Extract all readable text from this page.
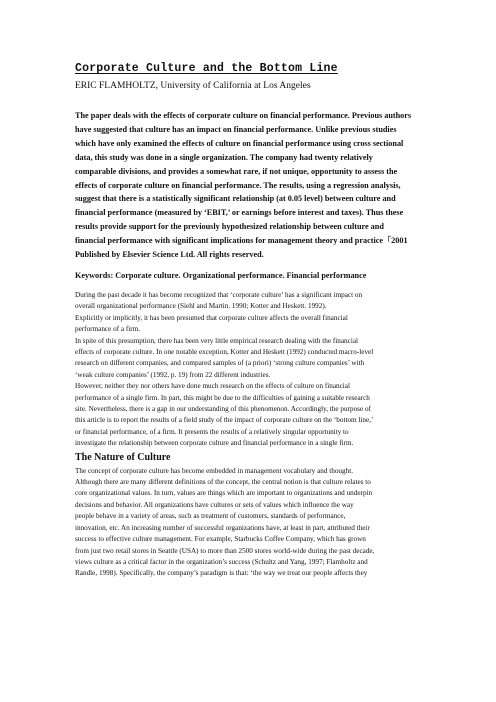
Corporate Culture and the Bottom Line
ERIC FLAMHOLTZ, University of California at Los Angeles
The paper deals with the effects of corporate culture on financial performance. Previous authors
have suggested that culture has an impact on financial performance. Unlike previous studies
which have only examined the effects of culture on financial performance using cross sectional
data, this study was done in a single organization. The company had twenty relatively
comparable divisions, and provides a somewhat rare, if not unique, opportunity to assess the
effects of corporate culture on financial performance. The results, using a regression analysis,
suggest that there is a statistically significant relationship (at 0.05 level) between culture and
financial performance (measured by ‘EBIT,’ or earnings before interest and taxes). Thus these
results provide support for the previously hypothesized relationship between culture and
financial performance with significant implications for management theory and practice「2001
Published by Elsevier Science Ltd. All rights reserved.
Keywords: Corporate culture. Organizational performance. Financial performance

During the past decade it has become recognized that ‘corporate culture’ has a significant impact on
overall organizational performance (Siehl and Martin. 1990; Kotter and Heskett. 1992).
Explicitly or implicitly, it has been presumed that corporate culture affects the overall financial
performance of a firm.

In spite of this presumption, there has been very little empirical research dealing with the financial
effects of corporate culture. In one notable exception, Kotter and Heskett (1992) conducted macro-level
research on different companies, and compared samples of (a priori) ‘strong culture companies’ with
‘weak culture companies’ (1992, p. 19) from 22 different industries.

However, neither they nor others have done much research on the effects of culture on financial
performance of a single firm. In part, this might be due to the difficulties of gaining a suitable research
site. Nevertheless, there is a gap in our understanding of this phenomenon. Accordingly, the purpose of
this article is to report the results of a field study of the impact of corporate culture on the ‘bottom line,’
or financial performance, of a firm. It presents the results of a relatively singular opportunity to
investigate the relationship between corporate culture and financial performance in a single firm.

The Nature of Culture

The concept of corporate culture has become embedded in management vocabulary and thought.
Although there are many different definitions of the concept, the central notion is that culture relates to
core organizational values. In turn, values are things which are important to organizations and underpin
decisions and behavior. All organizations have cultures or sets of values which influence the way
people behave in a variety of areas, such as treatment of customers, standards of performance,
innovation, etc. An increasing number of successful organizations have, at least in part, attributed their
success to effective culture management. For example, Starbucks Coffee Company, which has grown
from just two retail stores in Seattle (USA) to more than 2500 stores world-wide during the past decade,
views culture as a critical factor in the organization’s success (Schultz and Yang, 1997; Flamholtz and
Randle, 1998). Specifically, the company’s paradigm is that: ‘the way we treat our people affects they
